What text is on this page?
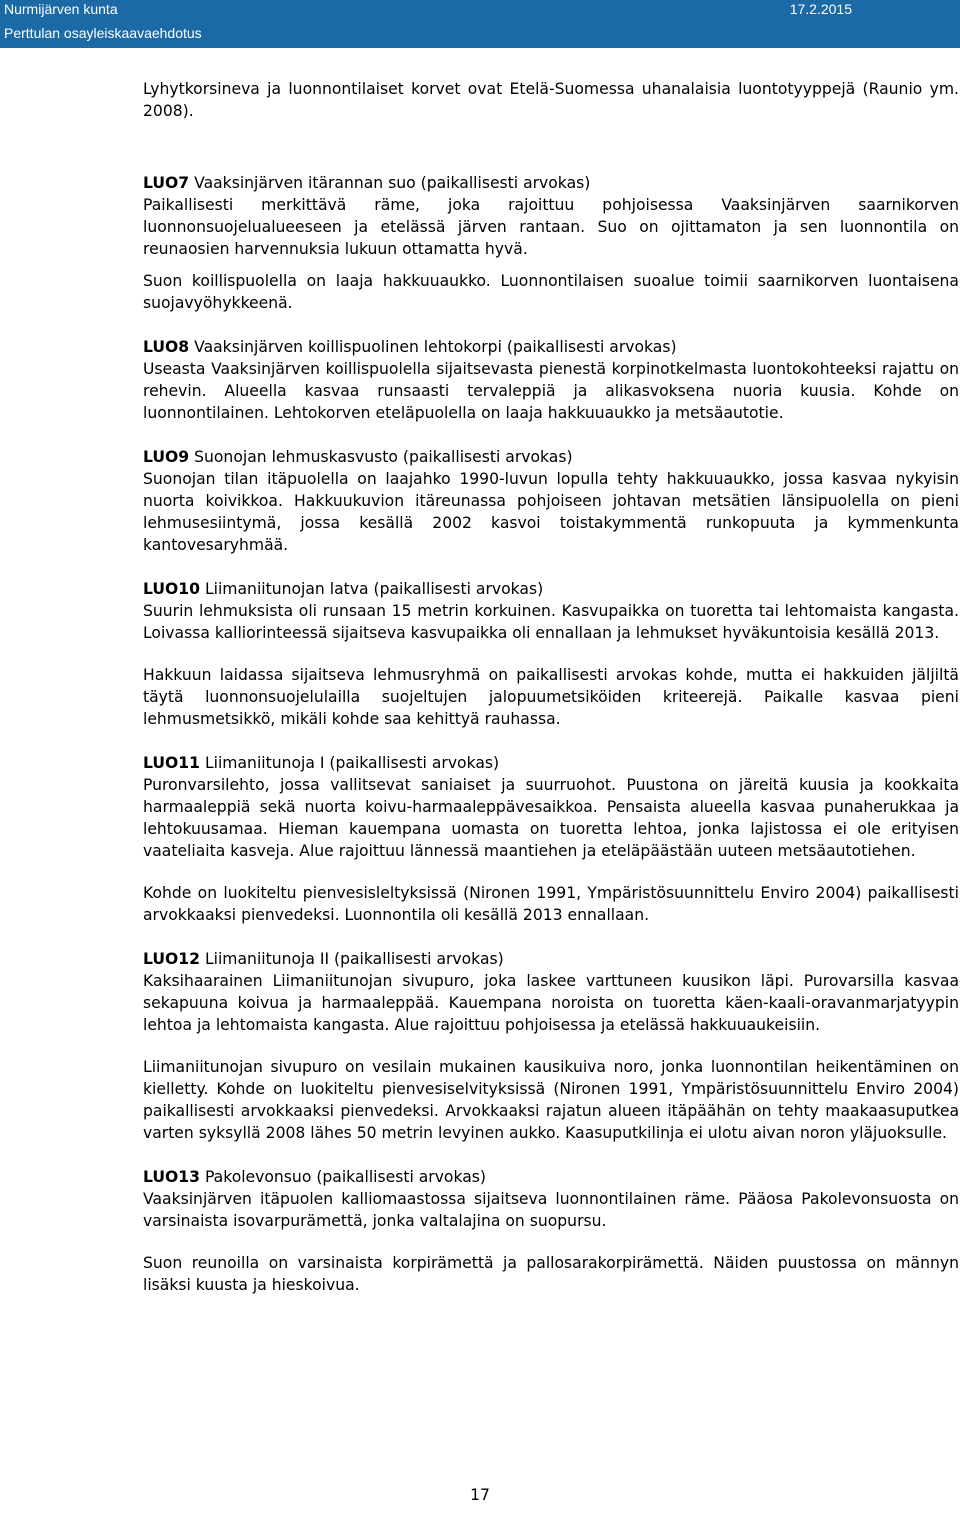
Nurmijärven kunta	17.2.2015
Perttulan osayleiskaavaehdotus

Lyhytkorsineva ja luonnontilaiset korvet ovat Etelä-Suomessa uhanalaisia luontotyyppejä (Raunio ym. 2008).

LUO7 Vaaksinjärven itärannan suo (paikallisesti arvokas)

Paikallisesti merkittävä räme, joka rajoittuu pohjoisessa Vaaksinjärven saarnikorven luonnonsuojelualueeseen ja etelässä järven rantaan. Suo on ojittamaton ja sen luonnontila on reunaosien harvennuksia lukuun ottamatta hyvä.

Suon koillispuolella on laaja hakkuuaukko. Luonnontilaisen suoalue toimii saarnikorven luontaisena suojavyöhykkeenä.

LUO8 Vaaksinjärven koillispuolinen lehtokorpi (paikallisesti arvokas)

Useasta Vaaksinjärven koillispuolella sijaitsevasta pienestä korpinotkelmasta luontokohteeksi rajattu on rehevin. Alueella kasvaa runsaasti tervaleppiä ja alikasvoksena nuoria kuusia. Kohde on luonnontilainen. Lehtokorven eteläpuolella on laaja hakkuuaukko ja metsäautotie.

LUO9 Suonojan lehmuskasvusto (paikallisesti arvokas)

Suonojan tilan itäpuolella on laajahko 1990-luvun lopulla tehty hakkuuaukko, jossa kasvaa nykyisin nuorta koivikkoa. Hakkuukuvion itäreunassa pohjoiseen johtavan metsätien länsipuolella on pieni lehmusesiintymä, jossa kesällä 2002 kasvoi toistakymmentä runkopuuta ja kymmenkunta kantovesaryhmää.

LUO10 Liimaniitunojan latva (paikallisesti arvokas)

Suurin lehmuksista oli runsaan 15 metrin korkuinen. Kasvupaikka on tuoretta tai lehtomaista kangasta. Loivassa kalliorinteessä sijaitseva kasvupaikka oli ennallaan ja lehmukset hyväkuntoisia kesällä 2013.

Hakkuun laidassa sijaitseva lehmusryhmä on paikallisesti arvokas kohde, mutta ei hakkuiden jäljiltä täytä luonnonsuojelulailla suojeltujen jalopuumetsiköiden kriteerejä. Paikalle kasvaa pieni lehmusmetsikkö, mikäli kohde saa kehittyä rauhassa.

LUO11 Liimaniitunoja I (paikallisesti arvokas)

Puronvarsilehto, jossa vallitsevat saniaiset ja suurruohot. Puustona on järeitä kuusia ja kookkaita harmaaleppiä sekä nuorta koivu-harmaaleppävesaikkoa. Pensaista alueella kasvaa punaherukkaa ja lehtokuusamaa. Hieman kauempana uomasta on tuoretta lehtoa, jonka lajistossa ei ole erityisen vaateliaita kasveja. Alue rajoittuu lännessä maantiehen ja eteläpäästään uuteen metsäautotiehen.

Kohde on luokiteltu pienvesisleltyksissä (Nironen 1991, Ympäristösuunnittelu Enviro 2004) paikallisesti arvokkaaksi pienvedeksi. Luonnontila oli kesällä 2013 ennallaan.

LUO12 Liimaniitunoja II (paikallisesti arvokas)

Kaksihaarainen Liimaniitunojan sivupuro, joka laskee varttuneen kuusikon läpi. Purovarsilla kasvaa sekapuuna koivua ja harmaaleppää. Kauempana noroista on tuoretta käen-kaali-oravanmarjatyypin lehtoa ja lehtomaista kangasta. Alue rajoittuu pohjoisessa ja etelässä hakkuuaukeisiin.

Liimaniitunojan sivupuro on vesilain mukainen kausikuiva noro, jonka luonnontilan heikentäminen on kielletty. Kohde on luokiteltu pienvesiselvityksissä (Nironen 1991, Ympäristösuunnittelu Enviro 2004) paikallisesti arvokkaaksi pienvedeksi. Arvokkaaksi rajatun alueen itäpäähän on tehty maakaasuputkea varten syksyllä 2008 lähes 50 metrin levyinen aukko. Kaasuputkilinja ei ulotu aivan noron yläjuoksulle.

LUO13 Pakolevonsuo (paikallisesti arvokas)

Vaaksinjärven itäpuolen kalliomaastossa sijaitseva luonnontilainen räme. Pääosa Pakolevonsuosta on varsinaista isovarpurämettä, jonka valtalajina on suopursu.

Suon reunoilla on varsinaista korpirämettä ja pallosarakorpirämettä. Näiden puustossa on männyn lisäksi kuusta ja hieskoivua.

17
